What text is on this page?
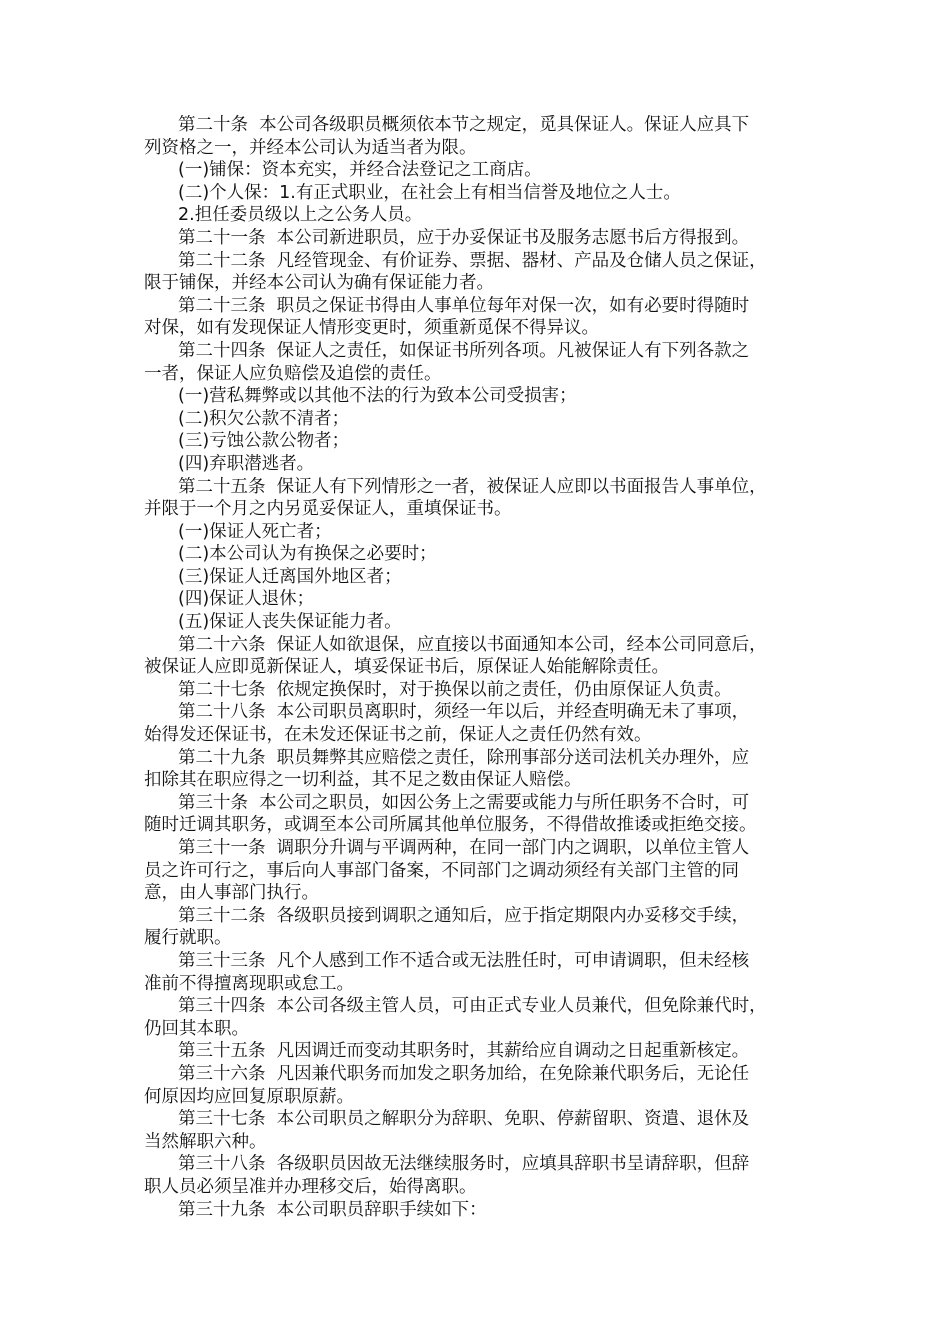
第二十条  本公司各级职员概须依本节之规定，觅具保证人。保证人应具下
列资格之一，并经本公司认为适当者为限。
(一)铺保：资本充实，并经合法登记之工商店。
(二)个人保：1.有正式职业，在社会上有相当信誉及地位之人士。
2.担任委员级以上之公务人员。
第二十一条  本公司新进职员，应于办妥保证书及服务志愿书后方得报到。
第二十二条  凡经管现金、有价证券、票据、器材、产品及仓储人员之保证，
限于铺保，并经本公司认为确有保证能力者。
第二十三条  职员之保证书得由人事单位每年对保一次，如有必要时得随时
对保，如有发现保证人情形变更时，须重新觅保不得异议。
第二十四条  保证人之责任，如保证书所列各项。凡被保证人有下列各款之
一者，保证人应负赔偿及追偿的责任。
(一)营私舞弊或以其他不法的行为致本公司受损害；
(二)积欠公款不清者；
(三)亏蚀公款公物者；
(四)弃职潜逃者。
第二十五条  保证人有下列情形之一者，被保证人应即以书面报告人事单位，
并限于一个月之内另觅妥保证人，重填保证书。
(一)保证人死亡者；
(二)本公司认为有换保之必要时；
(三)保证人迁离国外地区者；
(四)保证人退休；
(五)保证人丧失保证能力者。
第二十六条  保证人如欲退保，应直接以书面通知本公司，经本公司同意后，
被保证人应即觅新保证人，填妥保证书后，原保证人始能解除责任。
第二十七条  依规定换保时，对于换保以前之责任，仍由原保证人负责。
第二十八条  本公司职员离职时，须经一年以后，并经查明确无未了事项，
始得发还保证书，在未发还保证书之前，保证人之责任仍然有效。
第二十九条  职员舞弊其应赔偿之责任，除刑事部分送司法机关办理外，应
扣除其在职应得之一切利益，其不足之数由保证人赔偿。
第三十条  本公司之职员，如因公务上之需要或能力与所任职务不合时，可
随时迁调其职务，或调至本公司所属其他单位服务，不得借故推诿或拒绝交接。
第三十一条  调职分升调与平调两种，在同一部门内之调职，以单位主管人
员之许可行之，事后向人事部门备案，不同部门之调动须经有关部门主管的同
意，由人事部门执行。
第三十二条  各级职员接到调职之通知后，应于指定期限内办妥移交手续，
履行就职。
第三十三条  凡个人感到工作不适合或无法胜任时，可申请调职，但未经核
准前不得擅离现职或怠工。
第三十四条  本公司各级主管人员，可由正式专业人员兼代，但免除兼代时，
仍回其本职。
第三十五条  凡因调迁而变动其职务时，其薪给应自调动之日起重新核定。
第三十六条  凡因兼代职务而加发之职务加给，在免除兼代职务后，无论任
何原因均应回复原职原薪。
第三十七条  本公司职员之解职分为辞职、免职、停薪留职、资遣、退休及
当然解职六种。
第三十八条  各级职员因故无法继续服务时，应填具辞职书呈请辞职，但辞
职人员必须呈准并办理移交后，始得离职。
第三十九条  本公司职员辞职手续如下：
